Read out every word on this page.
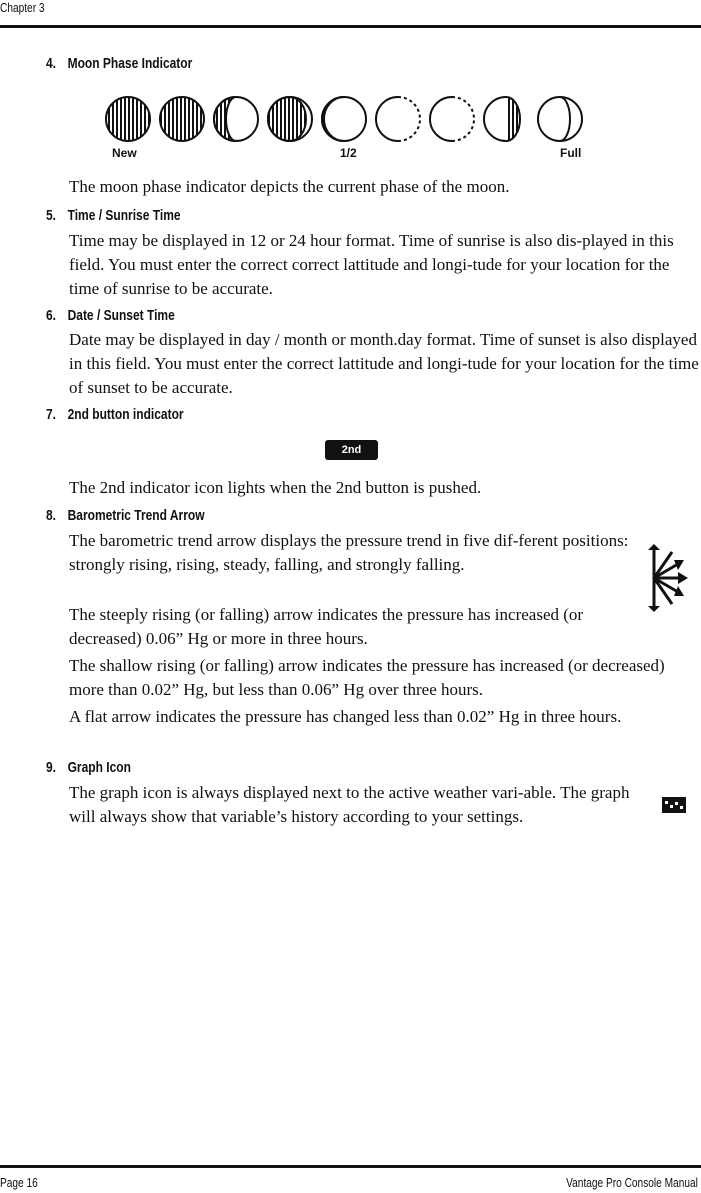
Chapter 3
4. Moon Phase Indicator
New	1/2	Full

The moon phase indicator depicts the current phase of the moon.

5. Time / Sunrise Time

Time may be displayed in 12 or 24 hour format. Time of sunrise is also dis-played in this field. You must enter the correct correct lattitude and longi-tude for your location for the time of sunrise to be accurate.

6. Date / Sunset Time

Date may be displayed in day / month or month.day format. Time of sunset is also displayed in this field. You must enter the correct lattitude and longi-tude for your location for the time of sunset to be accurate.

7. 2nd button indicator
2nd

The 2nd indicator icon lights when the 2nd button is pushed.

8. Barometric Trend Arrow

The barometric trend arrow displays the pressure trend in five dif-ferent positions: strongly rising, rising, steady, falling, and strongly falling.

The steeply rising (or falling) arrow indicates the pressure has increased (or decreased) 0.06” Hg or more in three hours.

The shallow rising (or falling) arrow indicates the pressure has increased (or decreased) more than 0.02” Hg, but less than 0.06” Hg over three hours.

A flat arrow indicates the pressure has changed less than 0.02” Hg in three hours.

9. Graph Icon

The graph icon is always displayed next to the active weather vari-able. The graph will always show that variable’s history according to your settings.

Page 16	Vantage Pro Console Manual
